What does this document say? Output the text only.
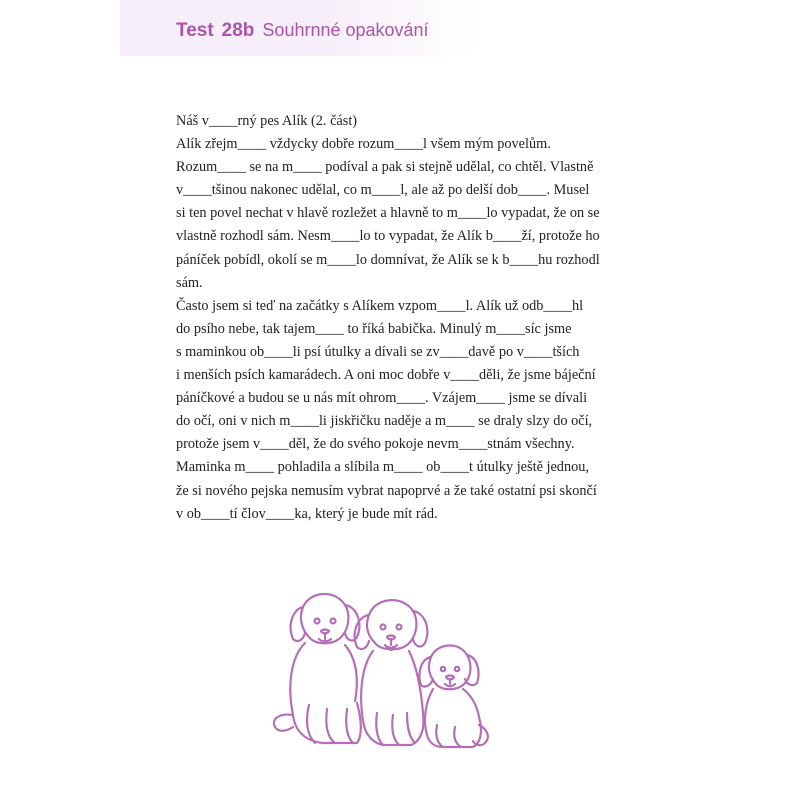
Test 28b Souhrnné opakování
Náš v____rný pes Alík (2. část)
Alík zřejm____ vždycky dobře rozum____l všem mým povelům.
Rozum____ se na m____ podíval a pak si stejně udělal, co chtěl. Vlastně
v____tšinou nakonec udělal, co m____l, ale až po delší dob____. Musel
si ten povel nechat v hlavě rozležet a hlavně to m____lo vypadat, že on se
vlastně rozhodl sám. Nesm____lo to vypadat, že Alík b____ží, protože ho
páníček pobídl, okolí se m____lo domnívat, že Alík se k b____hu rozhodl
sám.
Často jsem si teď na začátky s Alíkem vzpom____l. Alík už odb____hl
do psího nebe, tak tajem____ to říká babička. Minulý m____síc jsme
s maminkou ob____li psí útulky a dívali se zv____davě po v____tších
i menších psích kamarádech. A oni moc dobře v____děli, že jsme báječní
páníčkové a budou se u nás mít ohrom____. Vzájem____ jsme se dívali
do očí, oni v nich m____li jiskřičku naděje a m____ se draly slzy do očí,
protože jsem v____děl, že do svého pokoje nevm____stnám všechny.
Maminka m____ pohladila a slíbila m____ ob____t útulky ještě jednou,
že si nového pejska nemusím vybrat napoprvé a že také ostatní psi skončí
v ob____tí člov____ka, který je bude mít rád.
